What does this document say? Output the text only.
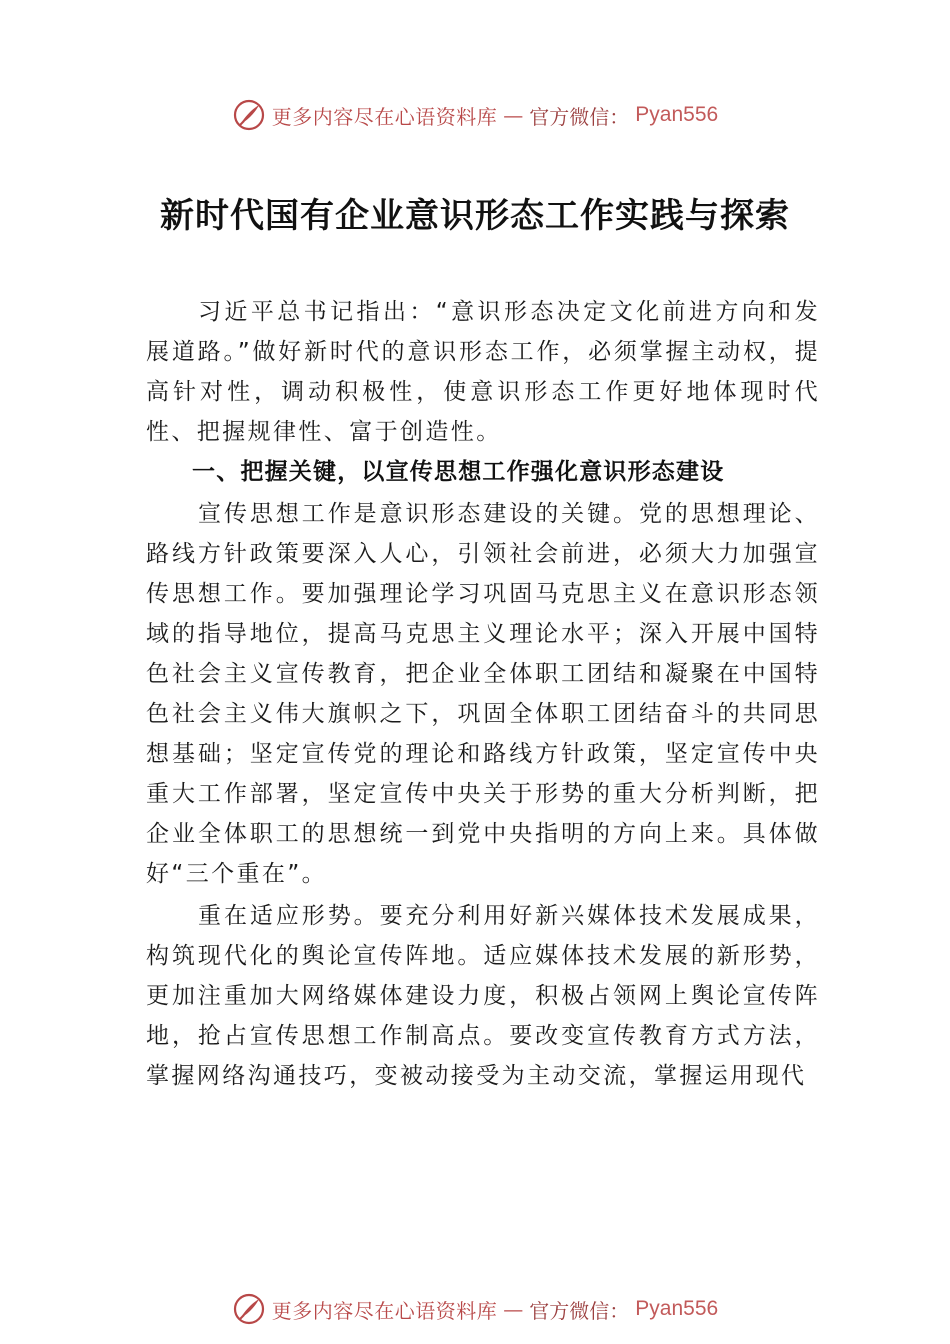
更多内容尽在心语资料库 — 官方微信： Pyan556
新时代国有企业意识形态工作实践与探索

习近平总书记指出：“意识形态决定文化前进方向和发展道路。”做好新时代的意识形态工作，必须掌握主动权，提高针对性，调动积极性，使意识形态工作更好地体现时代性、把握规律性、富于创造性。

一、把握关键，以宣传思想工作强化意识形态建设

宣传思想工作是意识形态建设的关键。党的思想理论、路线方针政策要深入人心，引领社会前进，必须大力加强宣传思想工作。要加强理论学习巩固马克思主义在意识形态领域的指导地位，提高马克思主义理论水平；深入开展中国特色社会主义宣传教育，把企业全体职工团结和凝聚在中国特色社会主义伟大旗帜之下，巩固全体职工团结奋斗的共同思想基础；坚定宣传党的理论和路线方针政策，坚定宣传中央重大工作部署，坚定宣传中央关于形势的重大分析判断，把企业全体职工的思想统一到党中央指明的方向上来。具体做好“三个重在”。

重在适应形势。要充分利用好新兴媒体技术发展成果，构筑现代化的舆论宣传阵地。适应媒体技术发展的新形势，更加注重加大网络媒体建设力度，积极占领网上舆论宣传阵地，抢占宣传思想工作制高点。要改变宣传教育方式方法，掌握网络沟通技巧，变被动接受为主动交流，掌握运用现代

更多内容尽在心语资料库 — 官方微信： Pyan556
